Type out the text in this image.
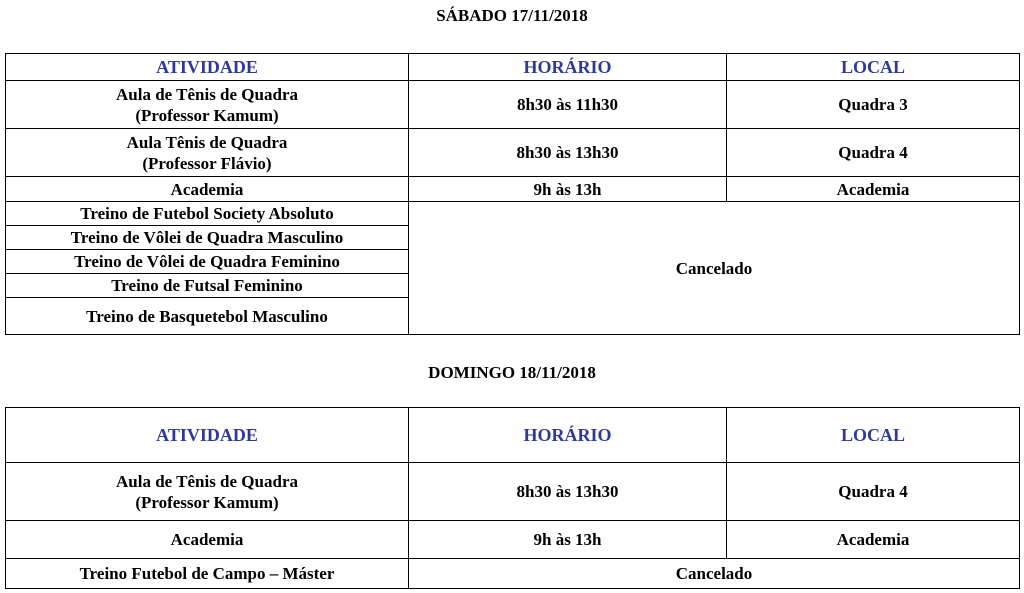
SÁBADO 17/11/2018
ATIVIDADE	HORÁRIO	LOCAL

Aula de Tênis de Quadra
(Professor Kamum)	8h30 às 11h30	Quadra 3

Aula Tênis de Quadra
(Professor Flávio)	8h30 às 13h30	Quadra 4
Academia	9h às 13h	Academia
Treino de Futebol Society Absoluto	Cancelado	
Treino de Vôlei de Quadra Masculino		
Treino de Vôlei de Quadra Feminino		
Treino de Futsal Feminino		
Treino de Basquetebol Masculino		
DOMINGO 18/11/2018
ATIVIDADE	HORÁRIO	LOCAL

Aula de Tênis de Quadra
(Professor Kamum)	8h30 às 13h30	Quadra 4
Academia	9h às 13h	Academia
Treino Futebol de Campo – Máster	Cancelado	
